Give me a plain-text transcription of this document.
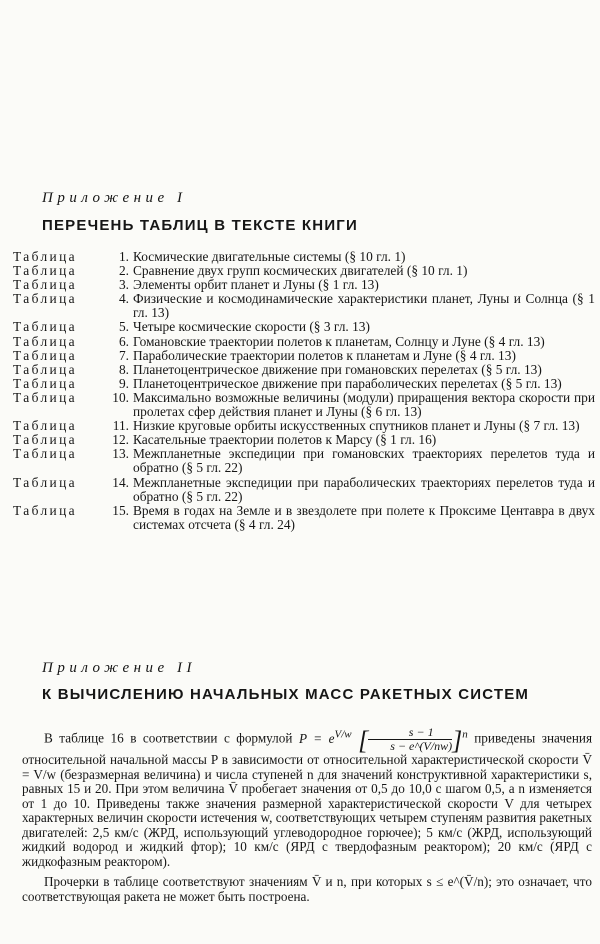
Приложение I
ПЕРЕЧЕНЬ ТАБЛИЦ В ТЕКСТЕ КНИГИ
Таблица	1. Космические двигательные системы (§ 10 гл. 1)
Таблица	2. Сравнение двух групп космических двигателей (§ 10 гл. 1)
Таблица	3. Элементы орбит планет и Луны (§ 1 гл. 13)
Таблица	4. Физические и космодинамические характеристики планет, Луны и Солнца (§ 1 гл. 13)
Таблица	5. Четыре космические скорости (§ 3 гл. 13)
Таблица	6. Гомановские траектории полетов к планетам, Солнцу и Луне (§ 4 гл. 13)
Таблица	7. Параболические траектории полетов к планетам и Луне (§ 4 гл. 13)
Таблица	8. Планетоцентрическое движение при гомановских перелетах (§ 5 гл. 13)
Таблица	9. Планетоцентрическое движение при параболических перелетах (§ 5 гл. 13)
Таблица	10. Максимально возможные величины (модули) приращения вектора скорости при пролетах сфер действия планет и Луны (§ 6 гл. 13)
Таблица	11. Низкие круговые орбиты искусственных спутников планет и Луны (§ 7 гл. 13)
Таблица	12. Касательные траектории полетов к Марсу (§ 1 гл. 16)
Таблица	13. Межпланетные экспедиции при гомановских траекториях перелетов туда и обратно (§ 5 гл. 22)
Таблица	14. Межпланетные экспедиции при параболических траекториях перелетов туда и обратно (§ 5 гл. 22)
Таблица	15. Время в годах на Земле и в звездолете при полете к Проксиме Центавра в двух системах отсчета (§ 4 гл. 24)
Приложение II
К ВЫЧИСЛЕНИЮ НАЧАЛЬНЫХ МАСС РАКЕТНЫХ СИСТЕМ

В таблице 16 в соответствии с формулой $P = e^{V/w}$ [ $\frac{s - 1}{s - e\^{}(V/nw)} ]^n$ приведены значения относительной начальной массы P в зависимости от относительной характеристической скорости V̄ = V/w (безразмерная величина) и числа ступеней n для значений конструктивной характеристики s, равных 15 и 20. При этом величина V̄ пробегает значения от 0,5 до 10,0 с шагом 0,5, а n изменяется от 1 до 10. Приведены также значения размерной характеристической скорости V для четырех характерных величин скорости истечения w, соответствующих четырем ступеням развития ракетных двигателей: 2,5 км/с (ЖРД, использующий углеводородное горючее); 5 км/с (ЖРД, использующий жидкий водород и жидкий фтор); 10 км/с (ЯРД с твердофазным реактором); 20 км/с (ЯРД с жидкофазным реактором).

Прочерки в таблице соответствуют значениям V̄ и n, при которых s ≤ e^(V̄/n); это означает, что соответствующая ракета не может быть построена.
